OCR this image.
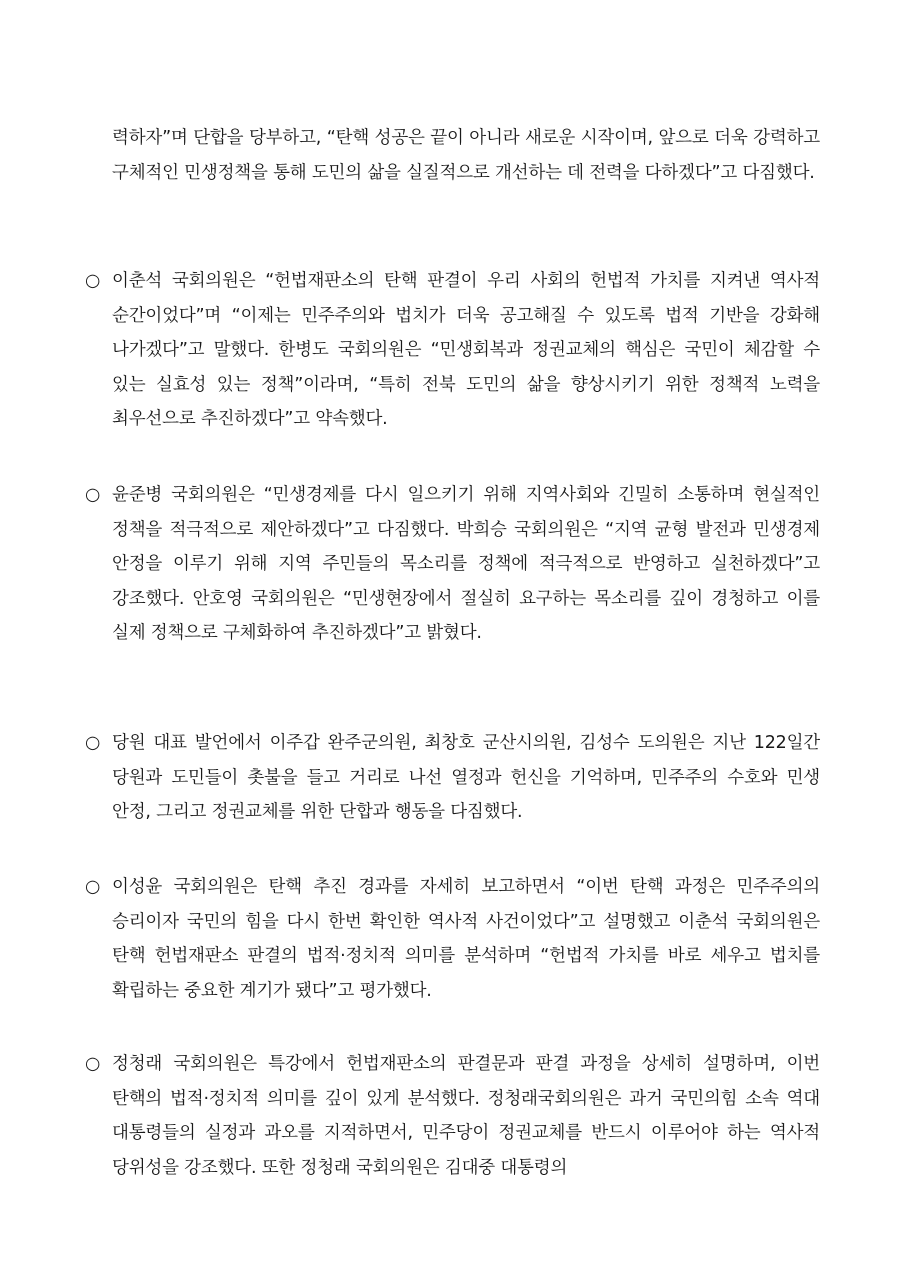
력하자”며 단합을 당부하고, “탄핵 성공은 끝이 아니라 새로운 시작이며, 앞으로 더욱 강력하고 구체적인 민생정책을 통해 도민의 삶을 실질적으로 개선하는 데 전력을 다하겠다”고 다짐했다.

○ 이춘석 국회의원은 “헌법재판소의 탄핵 판결이 우리 사회의 헌법적 가치를 지켜낸 역사적 순간이었다”며 “이제는 민주주의와 법치가 더욱 공고해질 수 있도록 법적 기반을 강화해 나가겠다”고 말했다. 한병도 국회의원은 “민생회복과 정권교체의 핵심은 국민이 체감할 수 있는 실효성 있는 정책”이라며, “특히 전북 도민의 삶을 향상시키기 위한 정책적 노력을 최우선으로 추진하겠다”고 약속했다.

○ 윤준병 국회의원은 “민생경제를 다시 일으키기 위해 지역사회와 긴밀히 소통하며 현실적인 정책을 적극적으로 제안하겠다”고 다짐했다. 박희승 국회의원은 “지역 균형 발전과 민생경제 안정을 이루기 위해 지역 주민들의 목소리를 정책에 적극적으로 반영하고 실천하겠다”고 강조했다. 안호영 국회의원은 “민생현장에서 절실히 요구하는 목소리를 깊이 경청하고 이를 실제 정책으로 구체화하여 추진하겠다”고 밝혔다.

○ 당원 대표 발언에서 이주갑 완주군의원, 최창호 군산시의원, 김성수 도의원은 지난 122일간 당원과 도민들이 촛불을 들고 거리로 나선 열정과 헌신을 기억하며, 민주주의 수호와 민생 안정, 그리고 정권교체를 위한 단합과 행동을 다짐했다.

○ 이성윤 국회의원은 탄핵 추진 경과를 자세히 보고하면서 “이번 탄핵 과정은 민주주의의 승리이자 국민의 힘을 다시 한번 확인한 역사적 사건이었다”고 설명했고 이춘석 국회의원은 탄핵 헌법재판소 판결의 법적·정치적 의미를 분석하며 “헌법적 가치를 바로 세우고 법치를 확립하는 중요한 계기가 됐다”고 평가했다.

○ 정청래 국회의원은 특강에서 헌법재판소의 판결문과 판결 과정을 상세히 설명하며, 이번 탄핵의 법적·정치적 의미를 깊이 있게 분석했다. 정청래국회의원은 과거 국민의힘 소속 역대 대통령들의 실정과 과오를 지적하면서, 민주당이 정권교체를 반드시 이루어야 하는 역사적 당위성을 강조했다. 또한 정청래 국회의원은 김대중 대통령의
